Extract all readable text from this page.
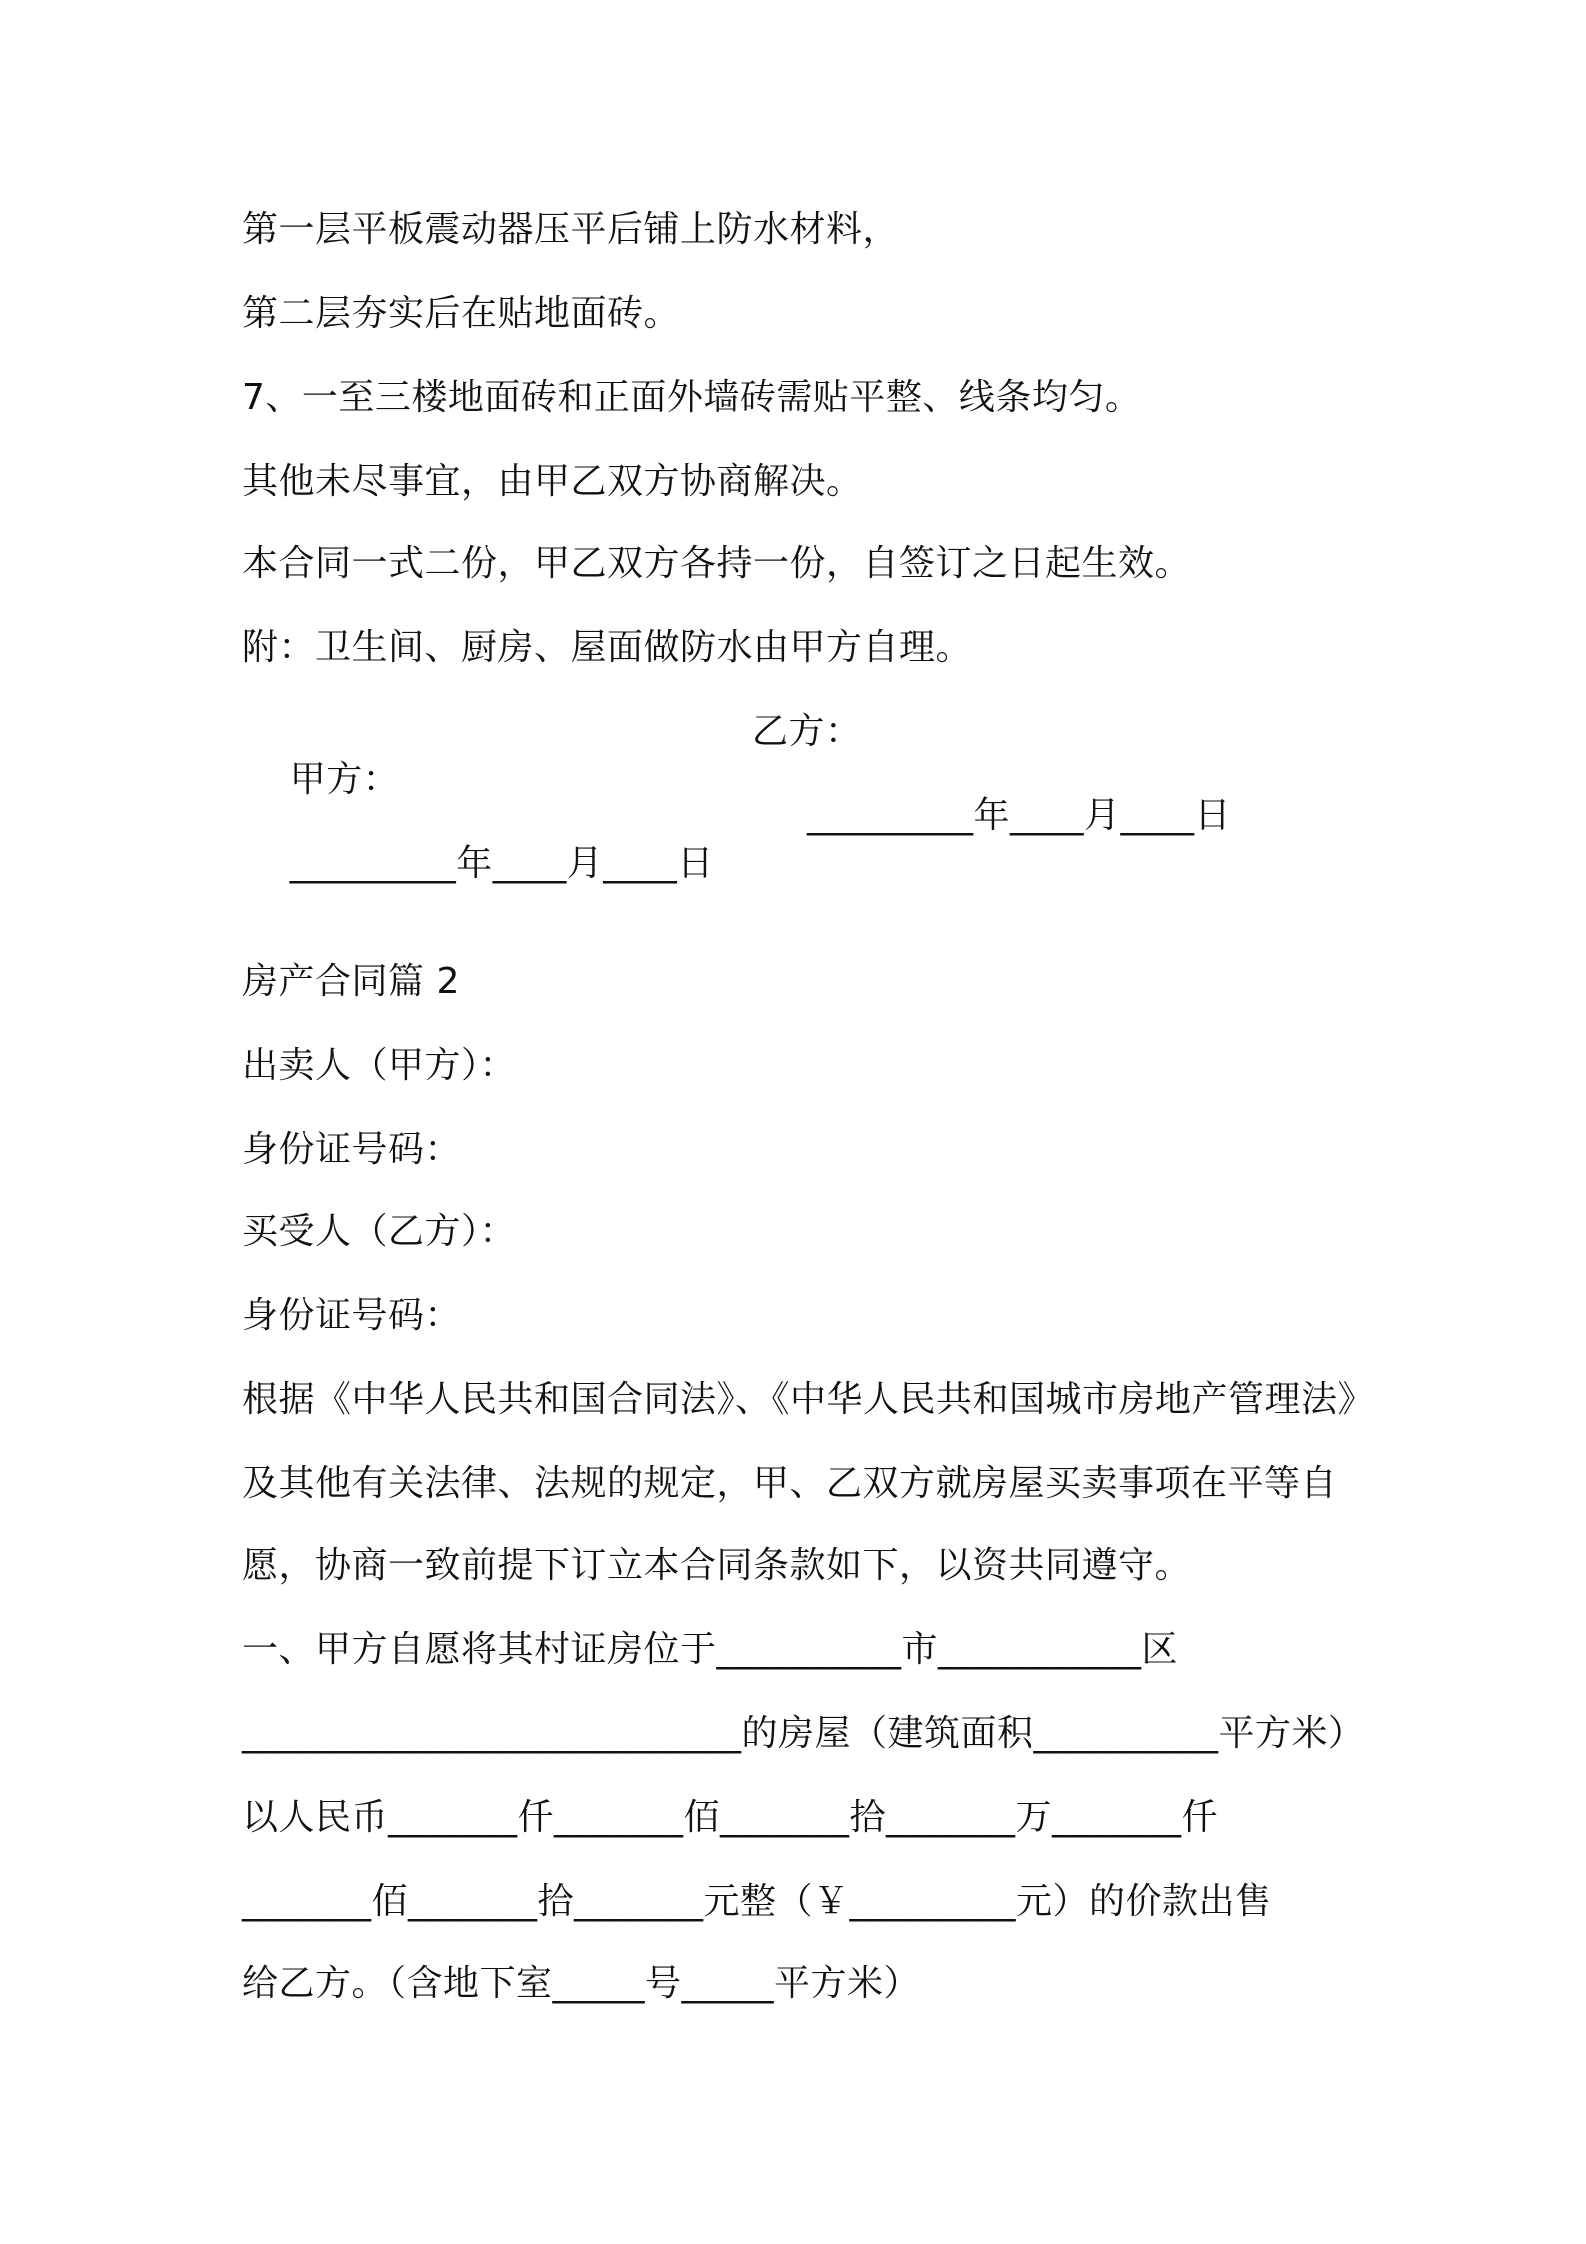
第一层平板震动器压平后铺上防水材料，
第二层夯实后在贴地面砖。
7、一至三楼地面砖和正面外墙砖需贴平整、线条均匀。
其他未尽事宜，由甲乙双方协商解决。
本合同一式二份，甲乙双方各持一份，自签订之日起生效。
附：卫生间、厨房、屋面做防水由甲方自理。

甲方：

乙方：

_________年____月____日

_________年____月____日

房产合同篇 2
出卖人（甲方）：
身份证号码：
买受人（乙方）：
身份证号码：
根据《中华人民共和国合同法》、《中华人民共和国城市房地产管理法》
及其他有关法律、法规的规定，甲、乙双方就房屋买卖事项在平等自
愿，协商一致前提下订立本合同条款如下，以资共同遵守。
一、甲方自愿将其村证房位于__________市___________区
___________________________的房屋（建筑面积__________平方米）
以人民币_______仟_______佰_______拾_______万_______仟
_______佰_______拾_______元整（￥_________元）的价款出售
给乙方。（含地下室_____号_____平方米）
